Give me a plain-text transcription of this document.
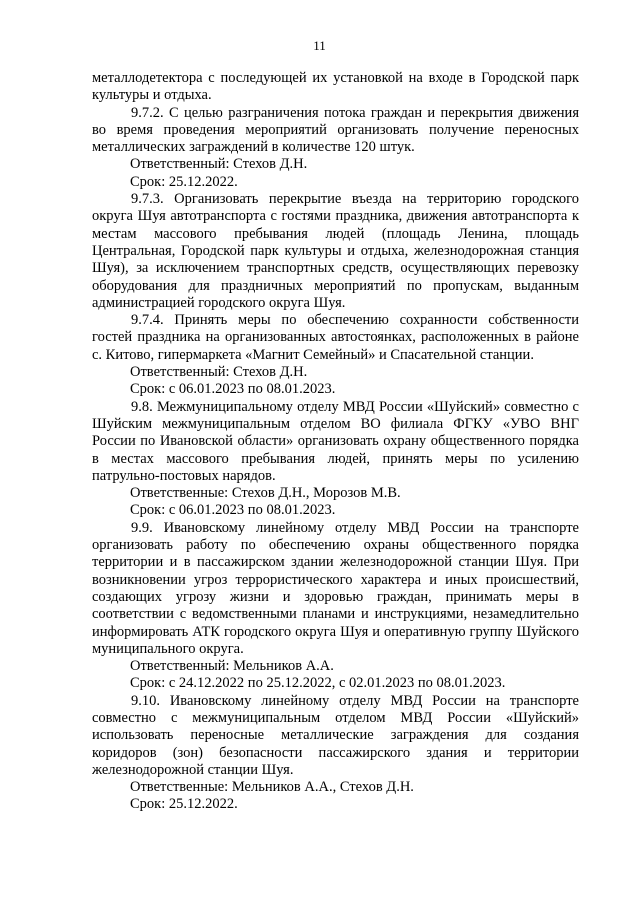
11

металлодетектора с последующей их установкой на входе в Городской парк культуры и отдыха.

9.7.2. С целью разграничения потока граждан и перекрытия движения во время проведения мероприятий организовать получение переносных металлических заграждений в количестве 120 штук.

Ответственный: Стехов Д.Н.

Срок: 25.12.2022.

9.7.3. Организовать перекрытие въезда на территорию городского округа Шуя автотранспорта с гостями праздника, движения автотранспорта к местам массового пребывания людей (площадь Ленина, площадь Центральная, Городской парк культуры и отдыха, железнодорожная станция Шуя), за исключением транспортных средств, осуществляющих перевозку оборудования для праздничных мероприятий по пропускам, выданным администрацией городского округа Шуя.

9.7.4. Принять меры по обеспечению сохранности собственности гостей праздника на организованных автостоянках, расположенных в районе с. Китово, гипермаркета «Магнит Семейный» и Спасательной станции.

Ответственный: Стехов Д.Н.

Срок: с 06.01.2023 по 08.01.2023.

9.8. Межмуниципальному отделу МВД России «Шуйский» совместно с Шуйским межмуниципальным отделом ВО филиала ФГКУ «УВО ВНГ России по Ивановской области» организовать охрану общественного порядка в местах массового пребывания людей, принять меры по усилению патрульно-постовых нарядов.

Ответственные: Стехов Д.Н., Морозов М.В.

Срок: с 06.01.2023 по 08.01.2023.

9.9. Ивановскому линейному отделу МВД России на транспорте организовать работу по обеспечению охраны общественного порядка территории и в пассажирском здании железнодорожной станции Шуя. При возникновении угроз террористического характера и иных происшествий, создающих угрозу жизни и здоровью граждан, принимать меры в соответствии с ведомственными планами и инструкциями, незамедлительно информировать АТК городского округа Шуя и оперативную группу Шуйского муниципального округа.

Ответственный: Мельников А.А.

Срок: с 24.12.2022 по 25.12.2022, с 02.01.2023 по 08.01.2023.

9.10. Ивановскому линейному отделу МВД России на транспорте совместно с межмуниципальным отделом МВД России «Шуйский» использовать переносные металлические заграждения для создания коридоров (зон) безопасности пассажирского здания и территории железнодорожной станции Шуя.

Ответственные: Мельников А.А., Стехов Д.Н.

Срок: 25.12.2022.
